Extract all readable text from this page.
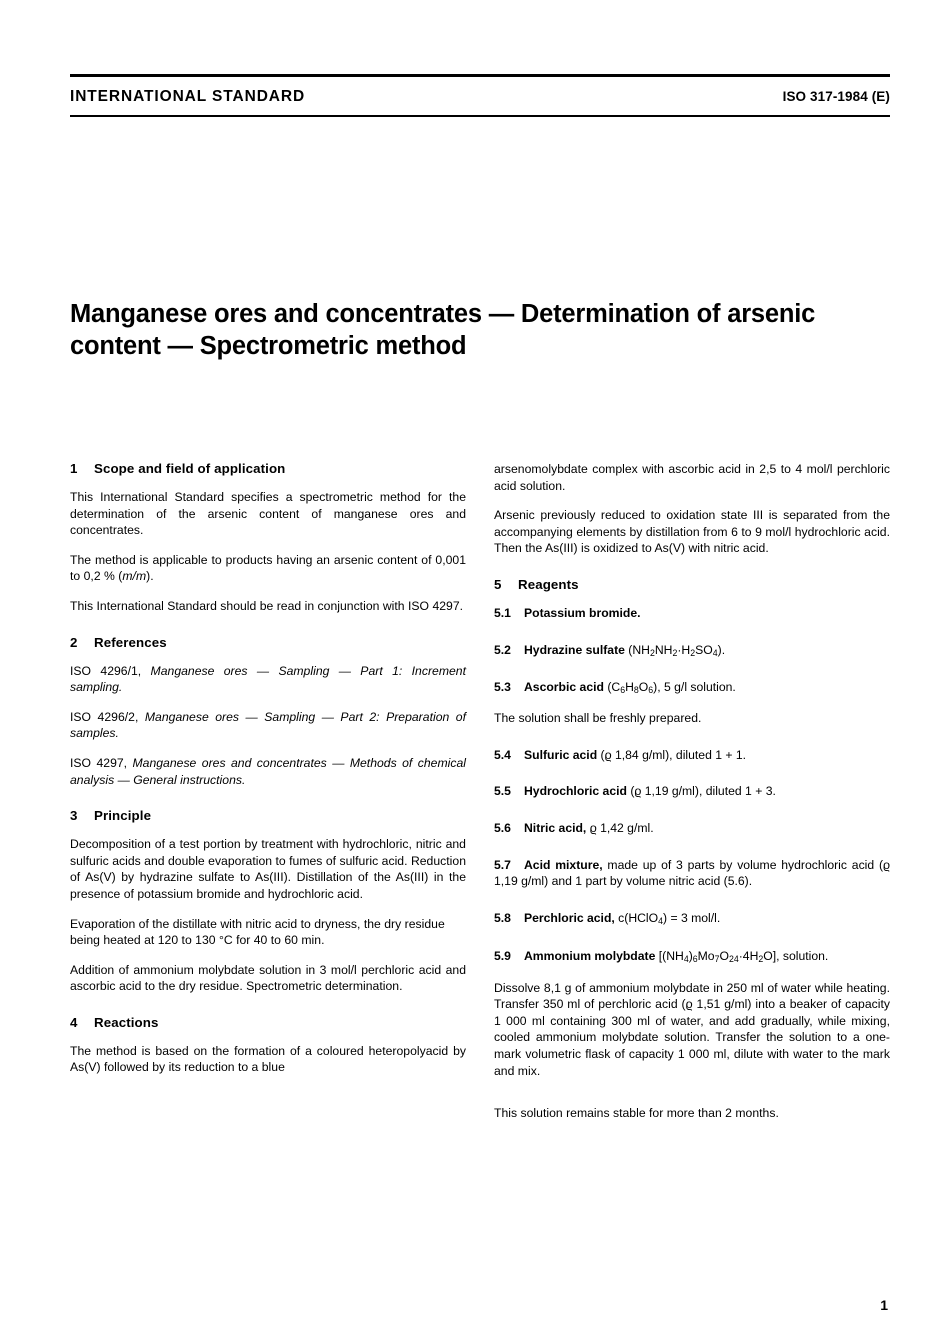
INTERNATIONAL STANDARD	ISO 317-1984 (E)
Manganese ores and concentrates — Determination of arsenic content — Spectrometric method
1 Scope and field of application

This International Standard specifies a spectrometric method for the determination of the arsenic content of manganese ores and concentrates.

The method is applicable to products having an arsenic content of 0,001 to 0,2 % (m/m).

This International Standard should be read in conjunction with ISO 4297.

2 References

ISO 4296/1, Manganese ores — Sampling — Part 1: Increment sampling.

ISO 4296/2, Manganese ores — Sampling — Part 2: Preparation of samples.

ISO 4297, Manganese ores and concentrates — Methods of chemical analysis — General instructions.

3 Principle

Decomposition of a test portion by treatment with hydrochloric, nitric and sulfuric acids and double evaporation to fumes of sulfuric acid. Reduction of As(V) by hydrazine sulfate to As(III). Distillation of the As(III) in the presence of potassium bromide and hydrochloric acid.

Evaporation of the distillate with nitric acid to dryness, the dry residue being heated at 120 to 130 °C for 40 to 60 min.

Addition of ammonium molybdate solution in 3 mol/l perchloric acid and ascorbic acid to the dry residue. Spectrometric determination.

4 Reactions

The method is based on the formation of a coloured heteropolyacid by As(V) followed by its reduction to a blue

arsenomolybdate complex with ascorbic acid in 2,5 to 4 mol/l perchloric acid solution.

Arsenic previously reduced to oxidation state III is separated from the accompanying elements by distillation from 6 to 9 mol/l hydrochloric acid. Then the As(III) is oxidized to As(V) with nitric acid.

5 Reagents

5.1 Potassium bromide.

5.2 Hydrazine sulfate $(NH_2NH_2\cdot H_2SO_4)$.

5.3 Ascorbic acid $(C_6H_8O_6)$, 5 g/l solution.

The solution shall be freshly prepared.

5.4 Sulfuric acid (ϱ 1,84 g/ml), diluted 1 + 1.

5.5 Hydrochloric acid (ϱ 1,19 g/ml), diluted 1 + 3.

5.6 Nitric acid, ϱ 1,42 g/ml.

5.7 Acid mixture, made up of 3 parts by volume hydrochloric acid (ϱ 1,19 g/ml) and 1 part by volume nitric acid (5.6).

5.8 Perchloric acid, c(HClO$_4$) = 3 mol/l.

5.9 Ammonium molybdate $[(NH_4)_6Mo_7O_{24}\cdot 4H_2O]$, solution.

Dissolve 8,1 g of ammonium molybdate in 250 ml of water while heating. Transfer 350 ml of perchloric acid (ϱ 1,51 g/ml) into a beaker of capacity 1 000 ml containing 300 ml of water, and add gradually, while mixing, cooled ammonium molybdate solution. Transfer the solution to a one-mark volumetric flask of capacity 1 000 ml, dilute with water to the mark and mix.

This solution remains stable for more than 2 months.

1
